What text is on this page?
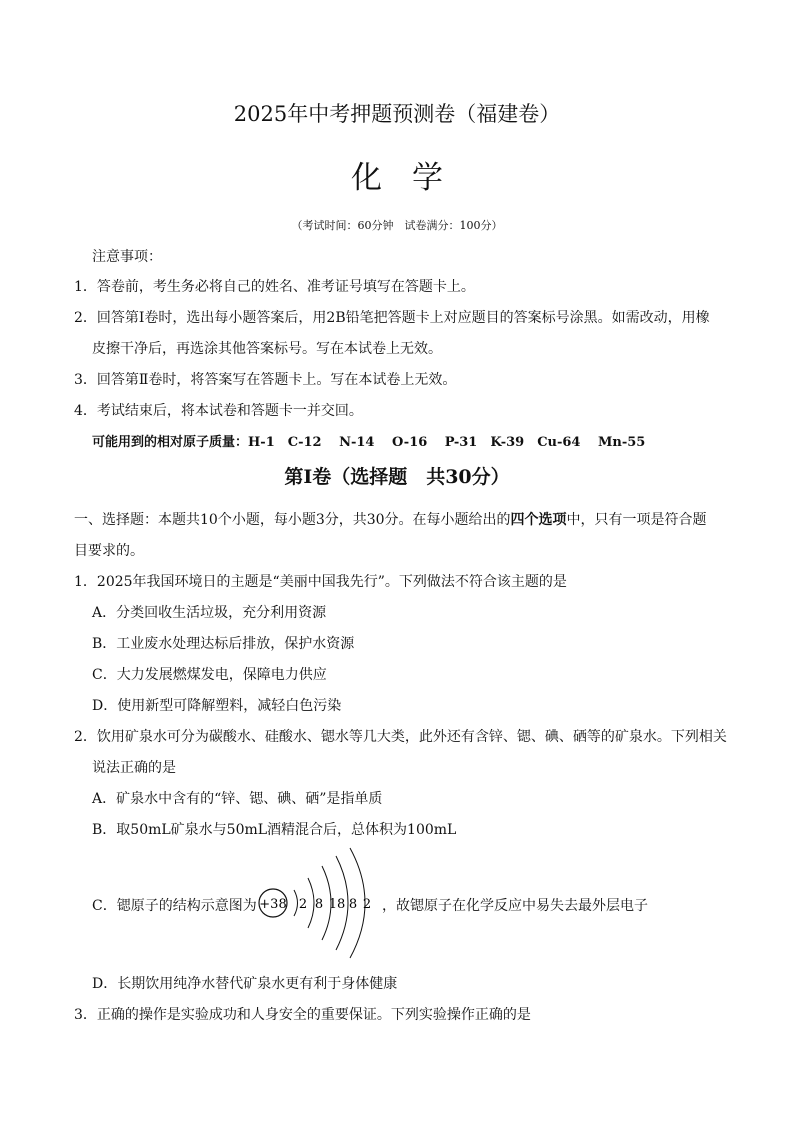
2025年中考押题预测卷（福建卷）
化学
（考试时间：60分钟　试卷满分：100分）
注意事项：
1．答卷前，考生务必将自己的姓名、准考证号填写在答题卡上。
2．回答第Ⅰ卷时，选出每小题答案后，用2B铅笔把答题卡上对应题目的答案标号涂黑。如需改动，用橡
皮擦干净后，再选涂其他答案标号。写在本试卷上无效。
3．回答第Ⅱ卷时，将答案写在答题卡上。写在本试卷上无效。
4．考试结束后，将本试卷和答题卡一并交回。
可能用到的相对原子质量：H-1　C-12　 N-14 　O-16 　P-31　K-39　Cu-64　 Mn-55
第Ⅰ卷（选择题　共30分）
一、选择题：本题共10个小题，每小题3分，共30分。在每小题给出的四个选项中，只有一项是符合题
目要求的。
1．2025年我国环境日的主题是“美丽中国我先行”。下列做法不符合该主题的是
A．分类回收生活垃圾，充分利用资源
B．工业废水处理达标后排放，保护水资源
C．大力发展燃煤发电，保障电力供应
D．使用新型可降解塑料，减轻白色污染
2．饮用矿泉水可分为碳酸水、硅酸水、锶水等几大类，此外还有含锌、锶、碘、硒等的矿泉水。下列相关
说法正确的是
A．矿泉水中含有的“锌、锶、碘、硒”是指单质
B．取50mL矿泉水与50mL酒精混合后，总体积为100mL
C．锶原子的结构示意图为 +38 2 8 18 8 2 ，故锶原子在化学反应中易失去最外层电子
D．长期饮用纯净水替代矿泉水更有利于身体健康
3．正确的操作是实验成功和人身安全的重要保证。下列实验操作正确的是
